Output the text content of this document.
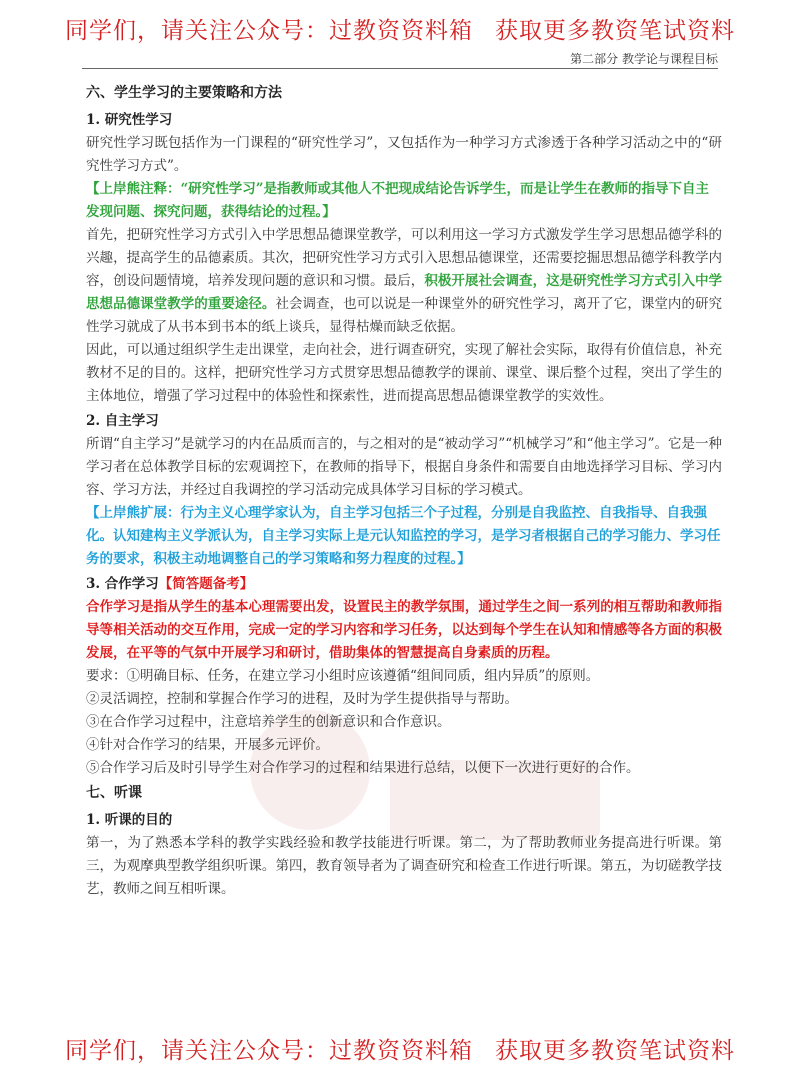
同学们，请关注公众号：过教资资料箱 获取更多教资笔试资料
第二部分 教学论与课程目标

六、学生学习的主要策略和方法

1. 研究性学习

研究性学习既包括作为一门课程的“研究性学习”，又包括作为一种学习方式渗透于各种学习活动之中的“研究性学习方式”。

【上岸熊注释：“研究性学习”是指教师或其他人不把现成结论告诉学生，而是让学生在教师的指导下自主发现问题、探究问题，获得结论的过程。】

首先，把研究性学习方式引入中学思想品德课堂教学，可以利用这一学习方式激发学生学习思想品德学科的兴趣，提高学生的品德素质。其次，把研究性学习方式引入思想品德课堂，还需要挖掘思想品德学科教学内容，创设问题情境，培养发现问题的意识和习惯。最后，积极开展社会调查，这是研究性学习方式引入中学思想品德课堂教学的重要途径。社会调查，也可以说是一种课堂外的研究性学习，离开了它，课堂内的研究性学习就成了从书本到书本的纸上谈兵，显得枯燥而缺乏依据。

因此，可以通过组织学生走出课堂，走向社会，进行调查研究，实现了解社会实际，取得有价值信息，补充教材不足的目的。这样，把研究性学习方式贯穿思想品德教学的课前、课堂、课后整个过程，突出了学生的主体地位，增强了学习过程中的体验性和探索性，进而提高思想品德课堂教学的实效性。

2. 自主学习

所谓“自主学习”是就学习的内在品质而言的，与之相对的是“被动学习”“机械学习”和“他主学习”。它是一种学习者在总体教学目标的宏观调控下，在教师的指导下，根据自身条件和需要自由地选择学习目标、学习内容、学习方法，并经过自我调控的学习活动完成具体学习目标的学习模式。

【上岸熊扩展：行为主义心理学家认为，自主学习包括三个子过程，分别是自我监控、自我指导、自我强化。认知建构主义学派认为，自主学习实际上是元认知监控的学习，是学习者根据自己的学习能力、学习任务的要求，积极主动地调整自己的学习策略和努力程度的过程。】

3. 合作学习【简答题备考】

合作学习是指从学生的基本心理需要出发，设置民主的教学氛围，通过学生之间一系列的相互帮助和教师指导等相关活动的交互作用，完成一定的学习内容和学习任务，以达到每个学生在认知和情感等各方面的积极发展，在平等的气氛中开展学习和研讨，借助集体的智慧提高自身素质的历程。

要求：①明确目标、任务，在建立学习小组时应该遵循“组间同质，组内异质”的原则。

②灵活调控，控制和掌握合作学习的进程，及时为学生提供指导与帮助。

③在合作学习过程中，注意培养学生的创新意识和合作意识。

④针对合作学习的结果，开展多元评价。

⑤合作学习后及时引导学生对合作学习的过程和结果进行总结，以便下一次进行更好的合作。

七、听课

1. 听课的目的

第一，为了熟悉本学科的教学实践经验和教学技能进行听课。第二，为了帮助教师业务提高进行听课。第三，为观摩典型教学组织听课。第四，教育领导者为了调查研究和检查工作进行听课。第五，为切磋教学技艺，教师之间互相听课。

同学们，请关注公众号：过教资资料箱 获取更多教资笔试资料
